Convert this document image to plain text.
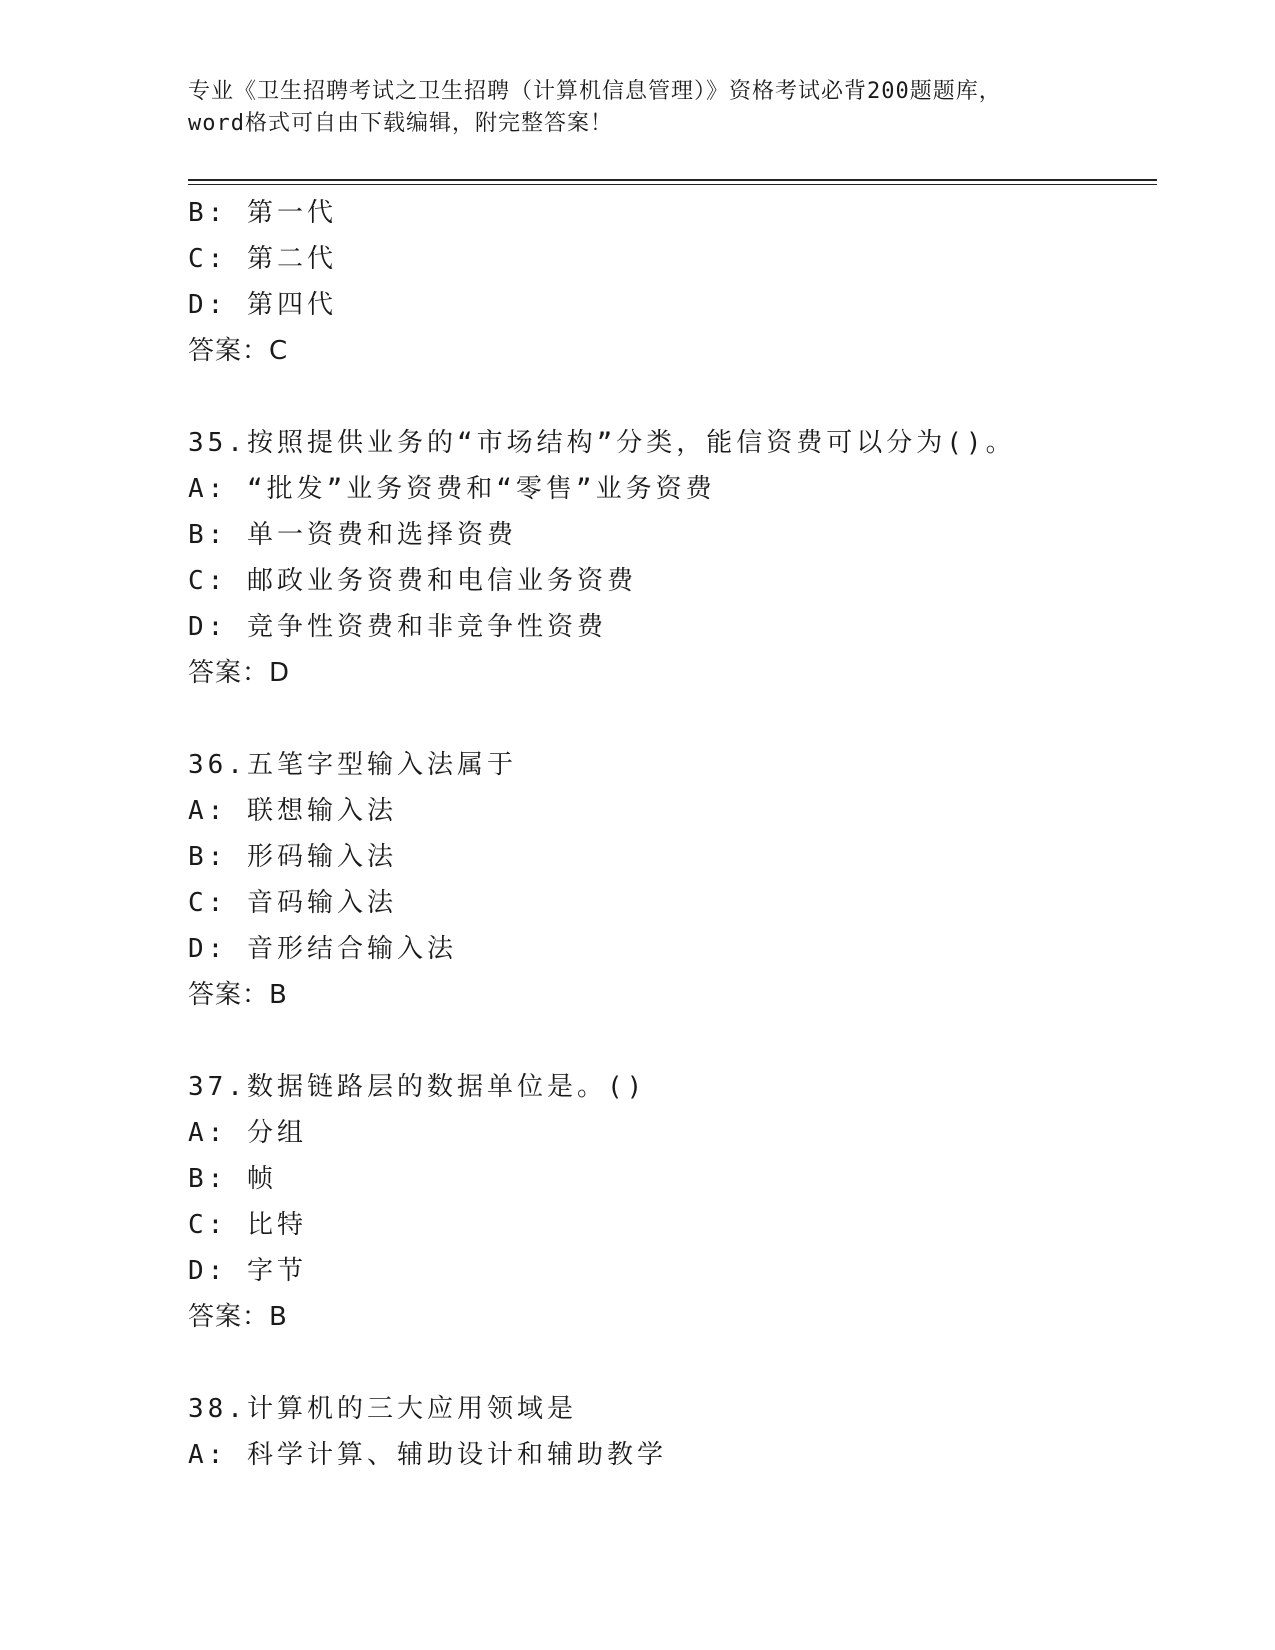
专业《卫生招聘考试之卫生招聘（计算机信息管理）》资格考试必背200题题库，
word格式可自由下载编辑，附完整答案！
B: 第一代
C: 第二代
D: 第四代
答案：C
35.按照提供业务的“市场结构”分类，能信资费可以分为()。
A: “批发”业务资费和“零售”业务资费
B: 单一资费和选择资费
C: 邮政业务资费和电信业务资费
D: 竞争性资费和非竞争性资费
答案：D
36.五笔字型输入法属于
A: 联想输入法
B: 形码输入法
C: 音码输入法
D: 音形结合输入法
答案：B
37.数据链路层的数据单位是。()
A: 分组
B: 帧
C: 比特
D: 字节
答案：B
38.计算机的三大应用领域是
A: 科学计算、辅助设计和辅助教学
